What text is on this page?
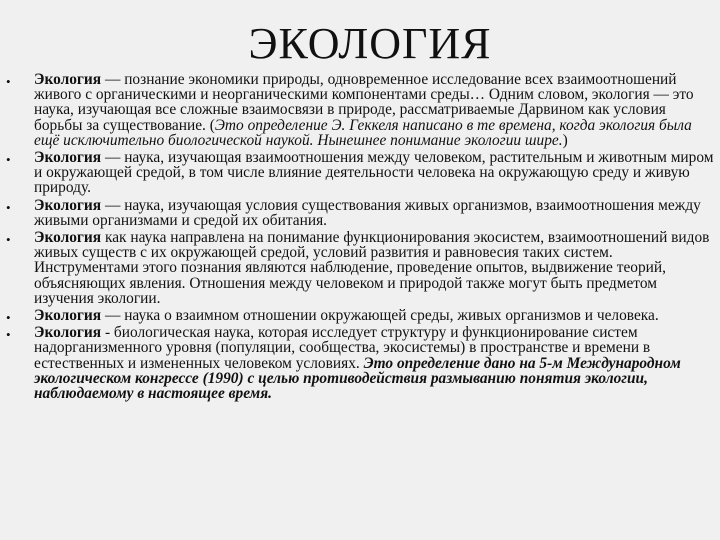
ЭКОЛОГИЯ
• Экология — познание экономики природы, одновременное исследование всех взаимоотношений живого с органическими и неорганическими компонентами среды… Одним словом, экология — это наука, изучающая все сложные взаимосвязи в природе, рассматриваемые Дарвином как условия борьбы за существование. (Это определение Э. Геккеля написано в те времена, когда экология была ещё исключительно биологической наукой. Нынешнее понимание экологии шире.)
• Экология — наука, изучающая взаимоотношения между человеком, растительным и животным миром и окружающей средой, в том числе влияние деятельности человека на окружающую среду и живую природу.
• Экология — наука, изучающая условия существования живых организмов, взаимоотношения между живыми организмами и средой их обитания.
• Экология как наука направлена на понимание функционирования экосистем, взаимоотношений видов живых существ с их окружающей средой, условий развития и равновесия таких систем. Инструментами этого познания являются наблюдение, проведение опытов, выдвижение теорий, объясняющих явления. Отношения между человеком и природой также могут быть предметом изучения экологии.
• Экология — наука о взаимном отношении окружающей среды, живых организмов и человека.
• Экология - биологическая наука, которая исследует структуру и функционирование систем надорганизменного уровня (популяции, сообщества, экосистемы) в пространстве и времени в естественных и измененных человеком условиях. Это определение дано на 5-м Международном экологическом конгрессе (1990) с целью противодействия размыванию понятия экологии, наблюдаемому в настоящее время.
